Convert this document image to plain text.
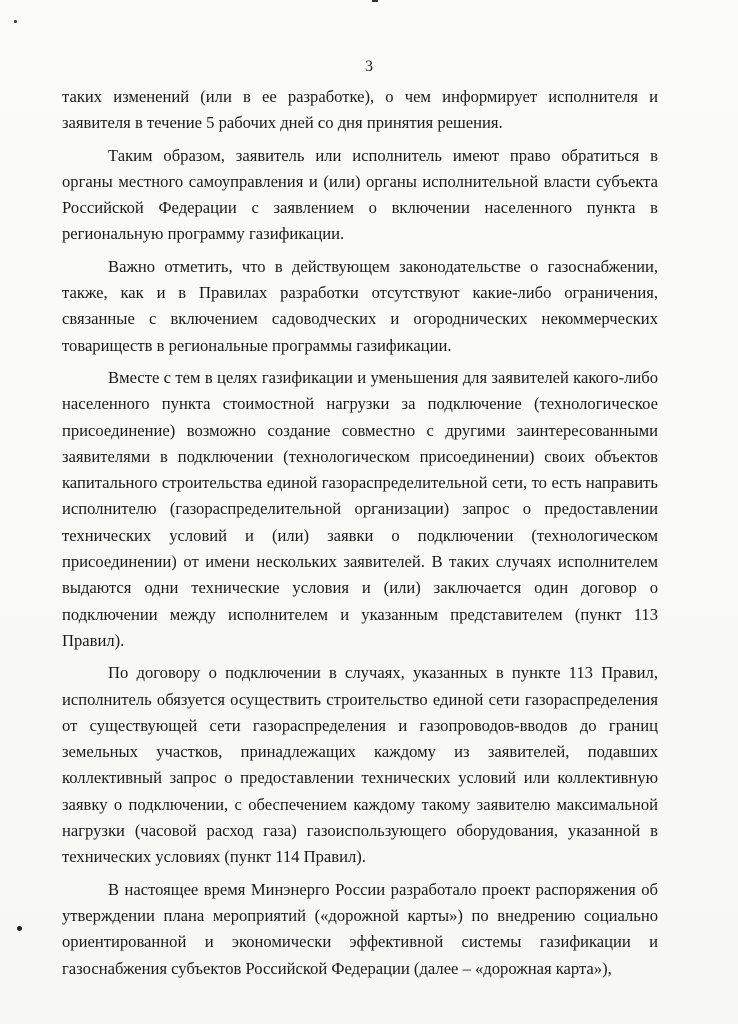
3

таких изменений (или в ее разработке), о чем информирует исполнителя и заявителя в течение 5 рабочих дней со дня принятия решения.

Таким образом, заявитель или исполнитель имеют право обратиться в органы местного самоуправления и (или) органы исполнительной власти субъекта Российской Федерации с заявлением о включении населенного пункта в региональную программу газификации.

Важно отметить, что в действующем законодательстве о газоснабжении, также, как и в Правилах разработки отсутствуют какие-либо ограничения, связанные с включением садоводческих и огороднических некоммерческих товариществ в региональные программы газификации.

Вместе с тем в целях газификации и уменьшения для заявителей какого-либо населенного пункта стоимостной нагрузки за подключение (технологическое присоединение) возможно создание совместно с другими заинтересованными заявителями в подключении (технологическом присоединении) своих объектов капитального строительства единой газораспределительной сети, то есть направить исполнителю (газораспределительной организации) запрос о предоставлении технических условий и (или) заявки о подключении (технологическом присоединении) от имени нескольких заявителей. В таких случаях исполнителем выдаются одни технические условия и (или) заключается один договор о подключении между исполнителем и указанным представителем (пункт 113 Правил).

По договору о подключении в случаях, указанных в пункте 113 Правил, исполнитель обязуется осуществить строительство единой сети газораспределения от существующей сети газораспределения и газопроводов-вводов до границ земельных участков, принадлежащих каждому из заявителей, подавших коллективный запрос о предоставлении технических условий или коллективную заявку о подключении, с обеспечением каждому такому заявителю максимальной нагрузки (часовой расход газа) газоиспользующего оборудования, указанной в технических условиях (пункт 114 Правил).

В настоящее время Минэнерго России разработало проект распоряжения об утверждении плана мероприятий («дорожной карты») по внедрению социально ориентированной и экономически эффективной системы газификации и газоснабжения субъектов Российской Федерации (далее – «дорожная карта»),
